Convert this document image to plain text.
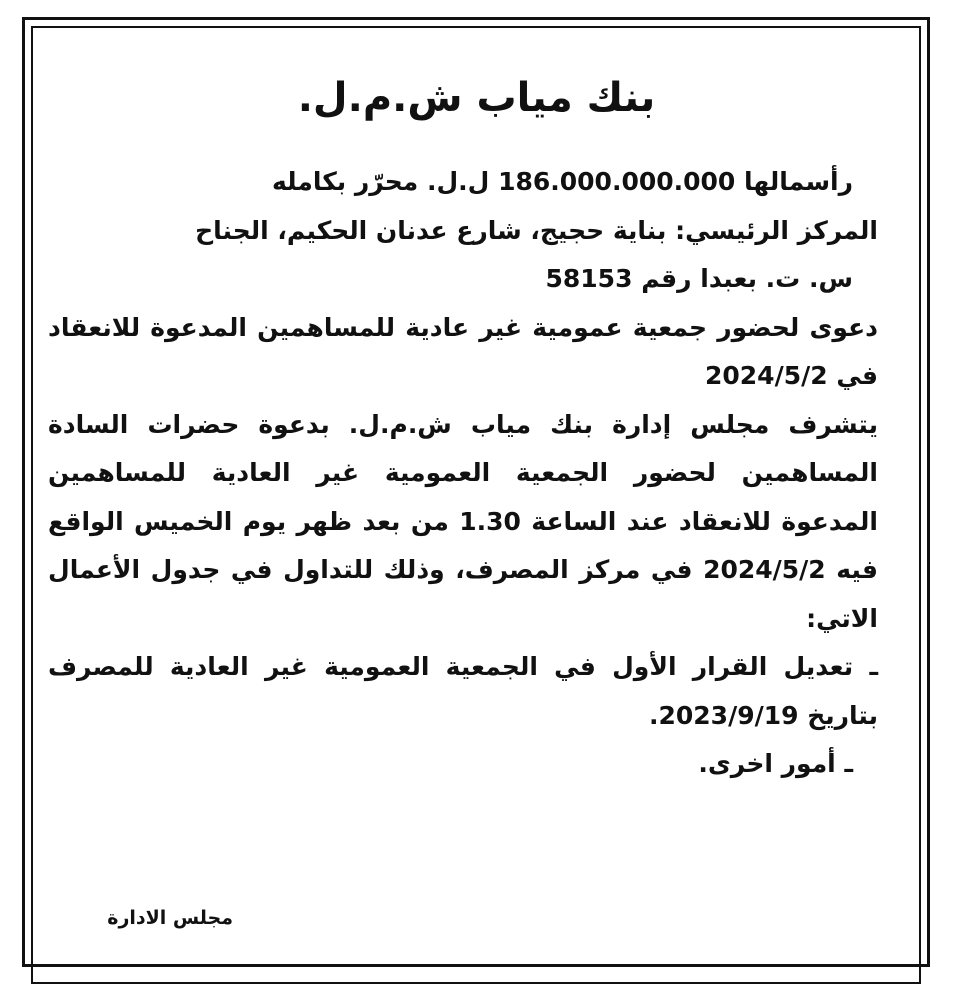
بنك مياب ش.م.ل.

رأسمالها 186.000.000.000 ل.ل. محرّر بكامله

المركز الرئيسي: بناية حجيج، شارع عدنان الحكيم، الجناح

س. ت. بعبدا رقم 58153

دعوى لحضور جمعية عمومية غير عادية للمساهمين المدعوة للانعقاد في 2024/5/2

يتشرف مجلس إدارة بنك مياب ش.م.ل. بدعوة حضرات السادة المساهمين لحضور الجمعية العمومية غير العادية للمساهمين المدعوة للانعقاد عند الساعة 1.30 من بعد ظهر يوم الخميس الواقع فيه 2024/5/2 في مركز المصرف، وذلك للتداول في جدول الأعمال الاتي:

ـ تعديل القرار الأول في الجمعية العمومية غير العادية للمصرف بتاريخ 2023/9/19.

ـ أمور اخرى.

مجلس الادارة
